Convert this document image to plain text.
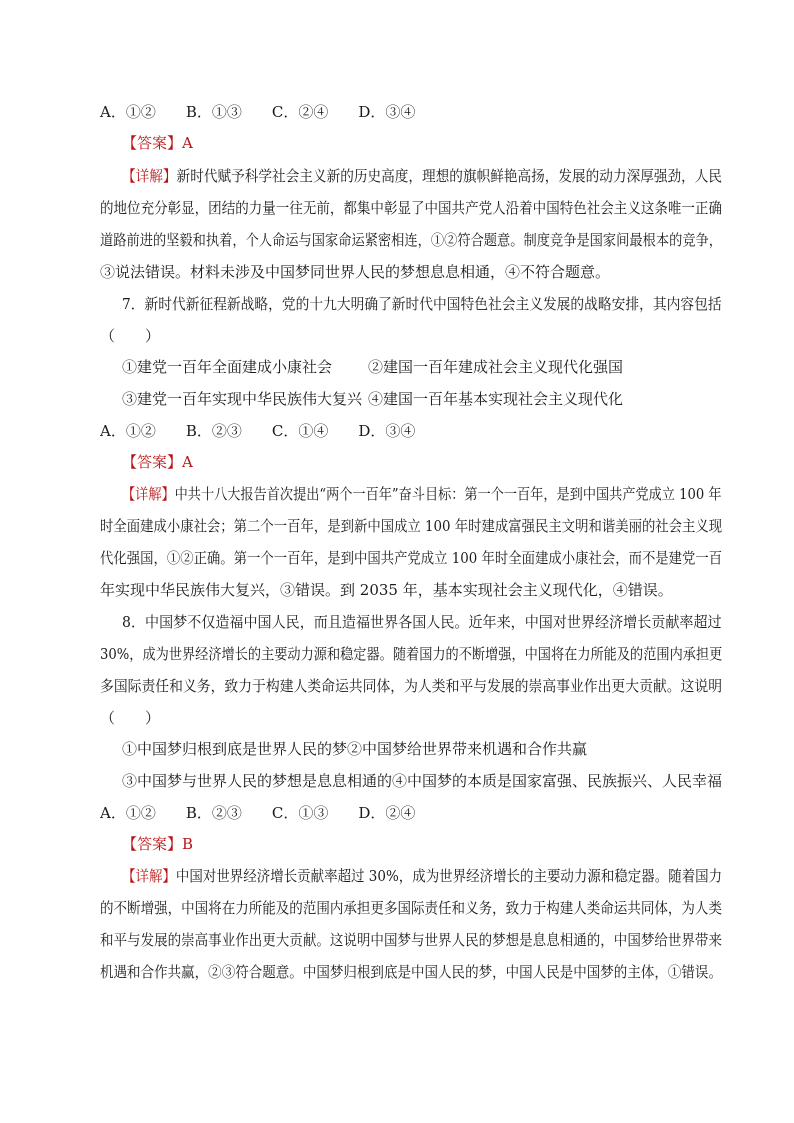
A．①②　　B．①③　　C．②④　　D．③④
【答案】A
【详解】新时代赋予科学社会主义新的历史高度，理想的旗帜鲜艳高扬，发展的动力深厚强劲，人民
的地位充分彰显，团结的力量一往无前，都集中彰显了中国共产党人沿着中国特色社会主义这条唯一正确
道路前进的坚毅和执着，个人命运与国家命运紧密相连，①②符合题意。制度竞争是国家间最根本的竞争，
③说法错误。材料未涉及中国梦同世界人民的梦想息息相通，④不符合题意。
7．新时代新征程新战略，党的十九大明确了新时代中国特色社会主义发展的战略安排，其内容包括
（　　）
①建党一百年全面建成小康社会 ②建国一百年建成社会主义现代化强国
③建党一百年实现中华民族伟大复兴 ④建国一百年基本实现社会主义现代化
A．①②　　B．②③　　C．①④　　D．③④
【答案】A
【详解】中共十八大报告首次提出“两个一百年”奋斗目标：第一个一百年，是到中国共产党成立 100 年
时全面建成小康社会；第二个一百年，是到新中国成立 100 年时建成富强民主文明和谐美丽的社会主义现
代化强国，①②正确。第一个一百年，是到中国共产党成立 100 年时全面建成小康社会，而不是建党一百
年实现中华民族伟大复兴，③错误。到 2035 年，基本实现社会主义现代化，④错误。
8．中国梦不仅造福中国人民，而且造福世界各国人民。近年来，中国对世界经济增长贡献率超过
30%，成为世界经济增长的主要动力源和稳定器。随着国力的不断增强，中国将在力所能及的范围内承担更
多国际责任和义务，致力于构建人类命运共同体，为人类和平与发展的崇高事业作出更大贡献。这说明
（　　）
①中国梦归根到底是世界人民的梦②中国梦给世界带来机遇和合作共赢
③中国梦与世界人民的梦想是息息相通的④中国梦的本质是国家富强、民族振兴、人民幸福
A．①②　　B．②③　　C．①③　　D．②④
【答案】B
【详解】中国对世界经济增长贡献率超过 30%，成为世界经济增长的主要动力源和稳定器。随着国力
的不断增强，中国将在力所能及的范围内承担更多国际责任和义务，致力于构建人类命运共同体，为人类
和平与发展的崇高事业作出更大贡献。这说明中国梦与世界人民的梦想是息息相通的，中国梦给世界带来
机遇和合作共赢，②③符合题意。中国梦归根到底是中国人民的梦，中国人民是中国梦的主体，①错误。
